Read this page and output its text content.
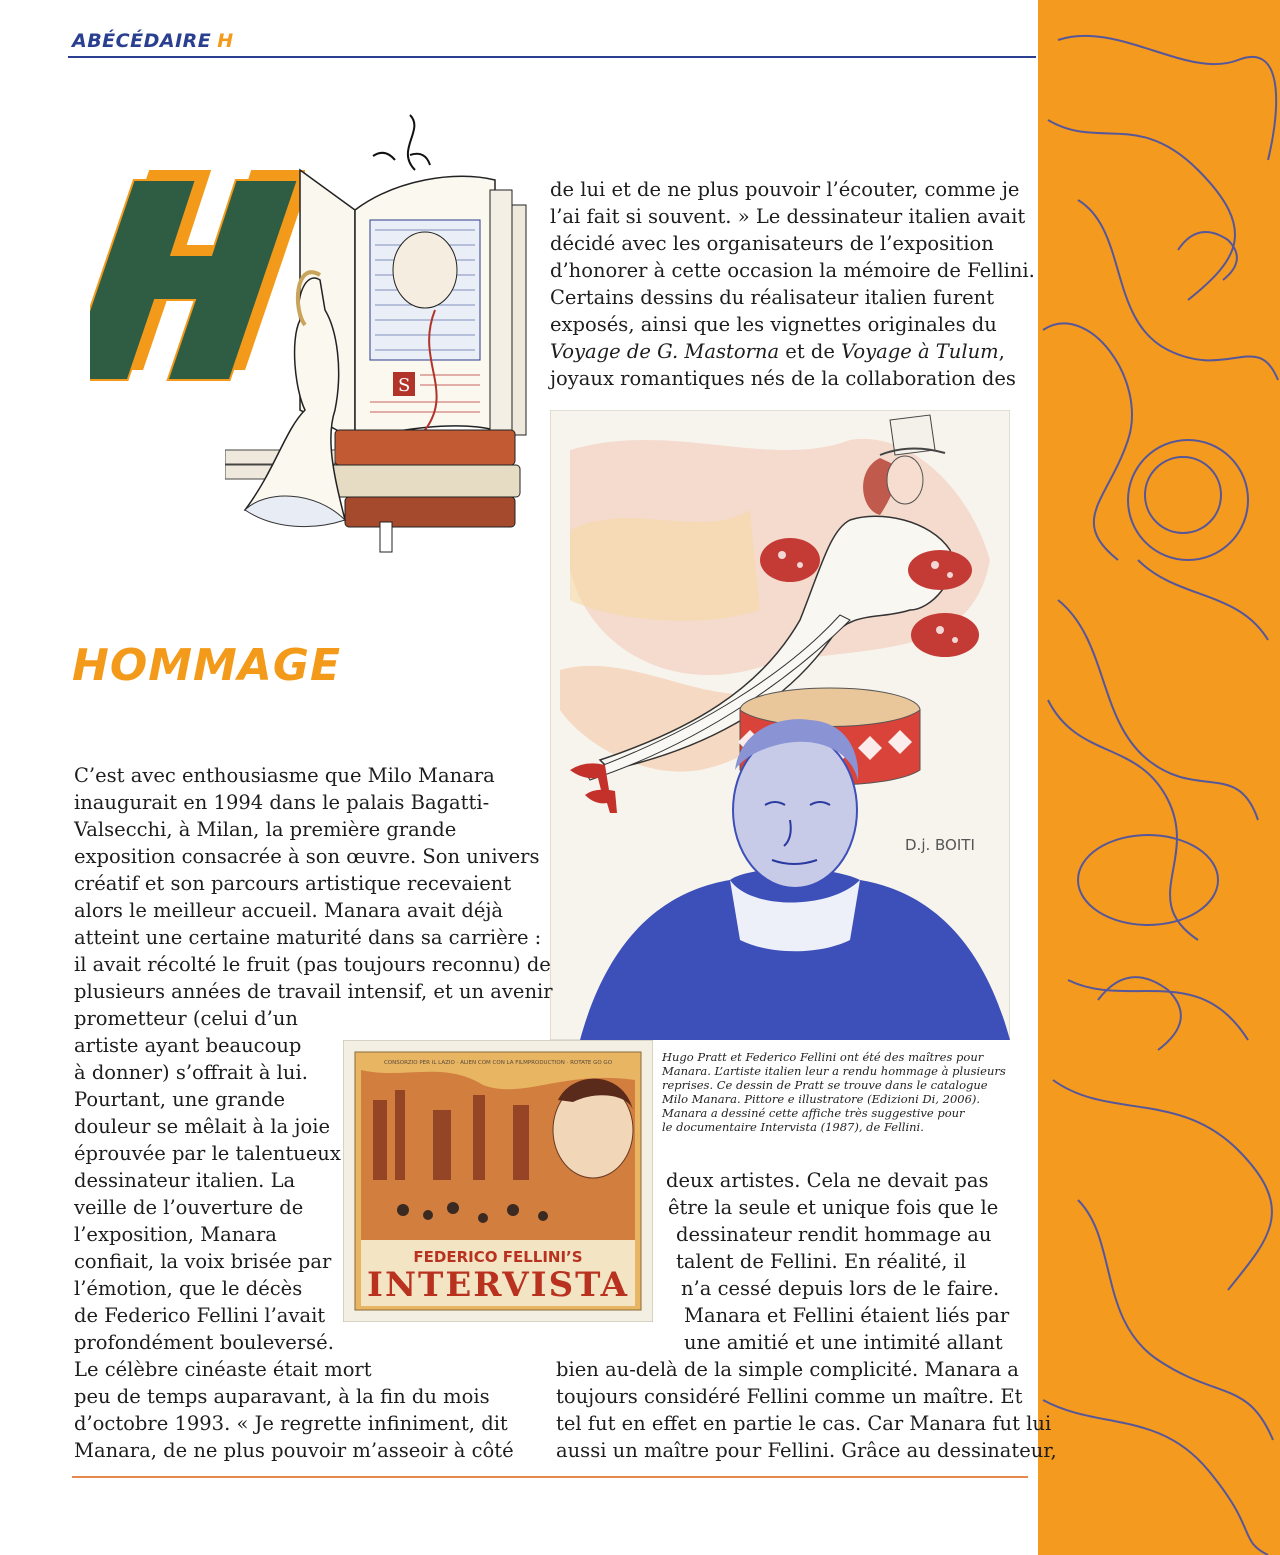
ABÉCÉDAIRE H
S
HOMMAGE
de lui et de ne plus pouvoir l’écouter, comme je
l’ai fait si souvent. » Le dessinateur italien avait
décidé avec les organisateurs de l’exposition
d’honorer à cette occasion la mémoire de Fellini.
Certains dessins du réalisateur italien furent
exposés, ainsi que les vignettes originales du
Voyage de G. Mastorna et de Voyage à Tulum,
joyaux romantiques nés de la collaboration des
D.j. BOITI
C’est avec enthousiasme que Milo Manara
inaugurait en 1994 dans le palais Bagatti-
Valsecchi, à Milan, la première grande
exposition consacrée à son œuvre. Son univers
créatif et son parcours artistique recevaient
alors le meilleur accueil. Manara avait déjà
atteint une certaine maturité dans sa carrière :
il avait récolté le fruit (pas toujours reconnu) de
plusieurs années de travail intensif, et un avenir
prometteur (celui d’un
artiste ayant beaucoup
à donner) s’offrait à lui.
Pourtant, une grande
douleur se mêlait à la joie
éprouvée par le talentueux
dessinateur italien. La
veille de l’ouverture de
l’exposition, Manara
confiait, la voix brisée par
l’émotion, que le décès
de Federico Fellini l’avait
profondément bouleversé.
Le célèbre cinéaste était mort
peu de temps auparavant, à la fin du mois
d’octobre 1993. « Je regrette infiniment, dit
Manara, de ne plus pouvoir m’asseoir à côté
CONSORZIO PER IL LAZIO · ALIEN COM CON LA FILMPRODUCTION · ROTATE GO GO
FEDERICO FELLINI’S
INTERVISTA
Hugo Pratt et Federico Fellini ont été des maîtres pour
Manara. L’artiste italien leur a rendu hommage à plusieurs
reprises. Ce dessin de Pratt se trouve dans le catalogue
Milo Manara. Pittore e illustratore (Edizioni Di, 2006).
Manara a dessiné cette affiche très suggestive pour
le documentaire Intervista (1987), de Fellini.
deux artistes. Cela ne devait pas
être la seule et unique fois que le
dessinateur rendit hommage au
talent de Fellini. En réalité, il
n’a cessé depuis lors de le faire.
Manara et Fellini étaient liés par
une amitié et une intimité allant
bien au-delà de la simple complicité. Manara a
toujours considéré Fellini comme un maître. Et
tel fut en effet en partie le cas. Car Manara fut lui
aussi un maître pour Fellini. Grâce au dessinateur,
